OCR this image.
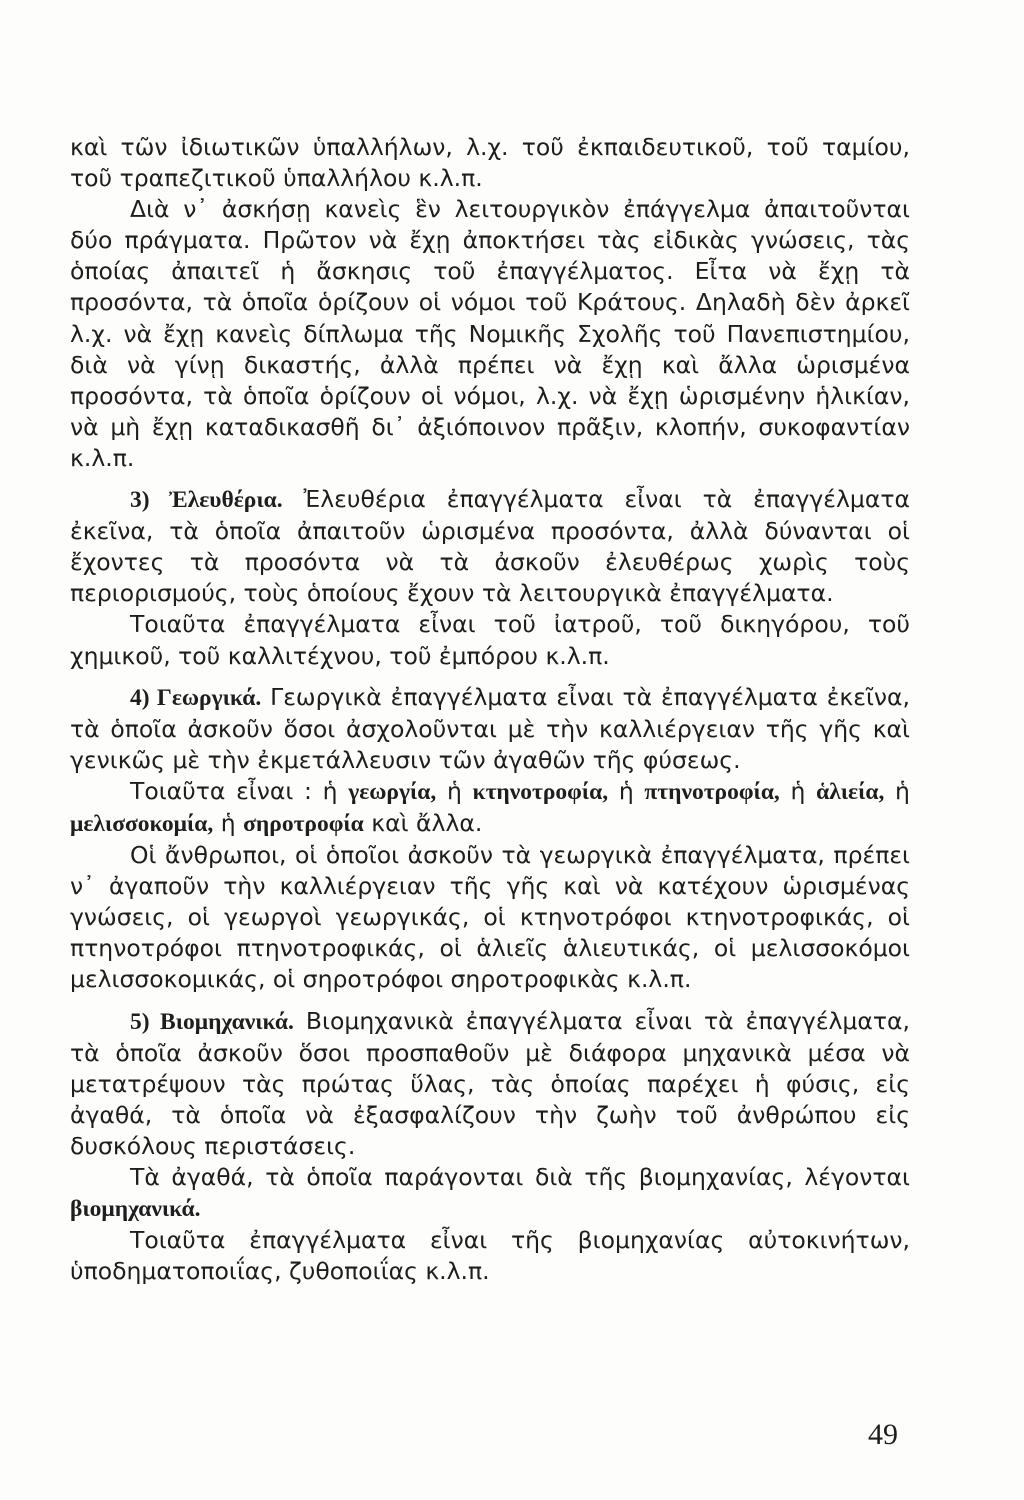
καὶ τῶν ἰδιωτικῶν ὑπαλλήλων, λ.χ. τοῦ ἐκπαιδευτικοῦ, τοῦ ταμίου, τοῦ τραπεζιτικοῦ ὑπαλλήλου κ.λ.π.

Διὰ ν᾿ ἀσκήσῃ κανεὶς ἓν λειτουργικὸν ἐπάγγελμα ἀπαιτοῦνται δύο πράγματα. Πρῶτον νὰ ἔχῃ ἀποκτήσει τὰς εἰδικὰς γνώσεις, τὰς ὁποίας ἀπαιτεῖ ἡ ἄσκησις τοῦ ἐπαγγέλματος. Εἶτα νὰ ἔχῃ τὰ προσόντα, τὰ ὁποῖα ὁρίζουν οἱ νόμοι τοῦ Κράτους. Δηλαδὴ δὲν ἀρκεῖ λ.χ. νὰ ἔχῃ κανεὶς δίπλωμα τῆς Νομικῆς Σχολῆς τοῦ Πανεπιστημίου, διὰ νὰ γίνῃ δικαστής, ἀλλὰ πρέπει νὰ ἔχῃ καὶ ἄλλα ὡρισμένα προσόντα, τὰ ὁποῖα ὁρίζουν οἱ νόμοι, λ.χ. νὰ ἔχῃ ὡρισμένην ἡλικίαν, νὰ μὴ ἔχῃ καταδικασθῆ δι᾿ ἀξιόποινον πρᾶξιν, κλοπήν, συκοφαντίαν κ.λ.π.

3) Ἐλευθέρια. Ἐλευθέρια ἐπαγγέλματα εἶναι τὰ ἐπαγγέλματα ἐκεῖνα, τὰ ὁποῖα ἀπαιτοῦν ὡρισμένα προσόντα, ἀλλὰ δύνανται οἱ ἔχοντες τὰ προσόντα νὰ τὰ ἀσκοῦν ἐλευθέρως χωρὶς τοὺς περιορισμούς, τοὺς ὁποίους ἔχουν τὰ λειτουργικὰ ἐπαγγέλματα.

Τοιαῦτα ἐπαγγέλματα εἶναι τοῦ ἰατροῦ, τοῦ δικηγόρου, τοῦ χημικοῦ, τοῦ καλλιτέχνου, τοῦ ἐμπόρου κ.λ.π.

4) Γεωργικά. Γεωργικὰ ἐπαγγέλματα εἶναι τὰ ἐπαγγέλματα ἐκεῖνα, τὰ ὁποῖα ἀσκοῦν ὅσοι ἀσχολοῦνται μὲ τὴν καλλιέργειαν τῆς γῆς καὶ γενικῶς μὲ τὴν ἐκμετάλλευσιν τῶν ἀγαθῶν τῆς φύσεως.

Τοιαῦτα εἶναι : ἡ γεωργία, ἡ κτηνοτροφία, ἡ πτηνοτροφία, ἡ ἁλιεία, ἡ μελισσοκομία, ἡ σηροτροφία καὶ ἄλλα.

Οἱ ἄνθρωποι, οἱ ὁποῖοι ἀσκοῦν τὰ γεωργικὰ ἐπαγγέλματα, πρέπει ν᾿ ἀγαποῦν τὴν καλλιέργειαν τῆς γῆς καὶ νὰ κατέχουν ὡρισμένας γνώσεις, οἱ γεωργοὶ γεωργικάς, οἱ κτηνοτρόφοι κτηνοτροφικάς, οἱ πτηνοτρόφοι πτηνοτροφικάς, οἱ ἁλιεῖς ἁλιευτικάς, οἱ μελισσοκόμοι μελισσοκομικάς, οἱ σηροτρόφοι σηροτροφικὰς κ.λ.π.

5) Βιομηχανικά. Βιομηχανικὰ ἐπαγγέλματα εἶναι τὰ ἐπαγγέλματα, τὰ ὁποῖα ἀσκοῦν ὅσοι προσπαθοῦν μὲ διάφορα μηχανικὰ μέσα νὰ μετατρέψουν τὰς πρώτας ὕλας, τὰς ὁποίας παρέχει ἡ φύσις, εἰς ἀγαθά, τὰ ὁποῖα νὰ ἐξασφαλίζουν τὴν ζωὴν τοῦ ἀνθρώπου εἰς δυσκόλους περιστάσεις.

Τὰ ἀγαθά, τὰ ὁποῖα παράγονται διὰ τῆς βιομηχανίας, λέγονται βιομηχανικά.

Τοιαῦτα ἐπαγγέλματα εἶναι τῆς βιομηχανίας αὐτοκινήτων, ὑποδηματοποιΐας, ζυθοποιΐας κ.λ.π.

49
